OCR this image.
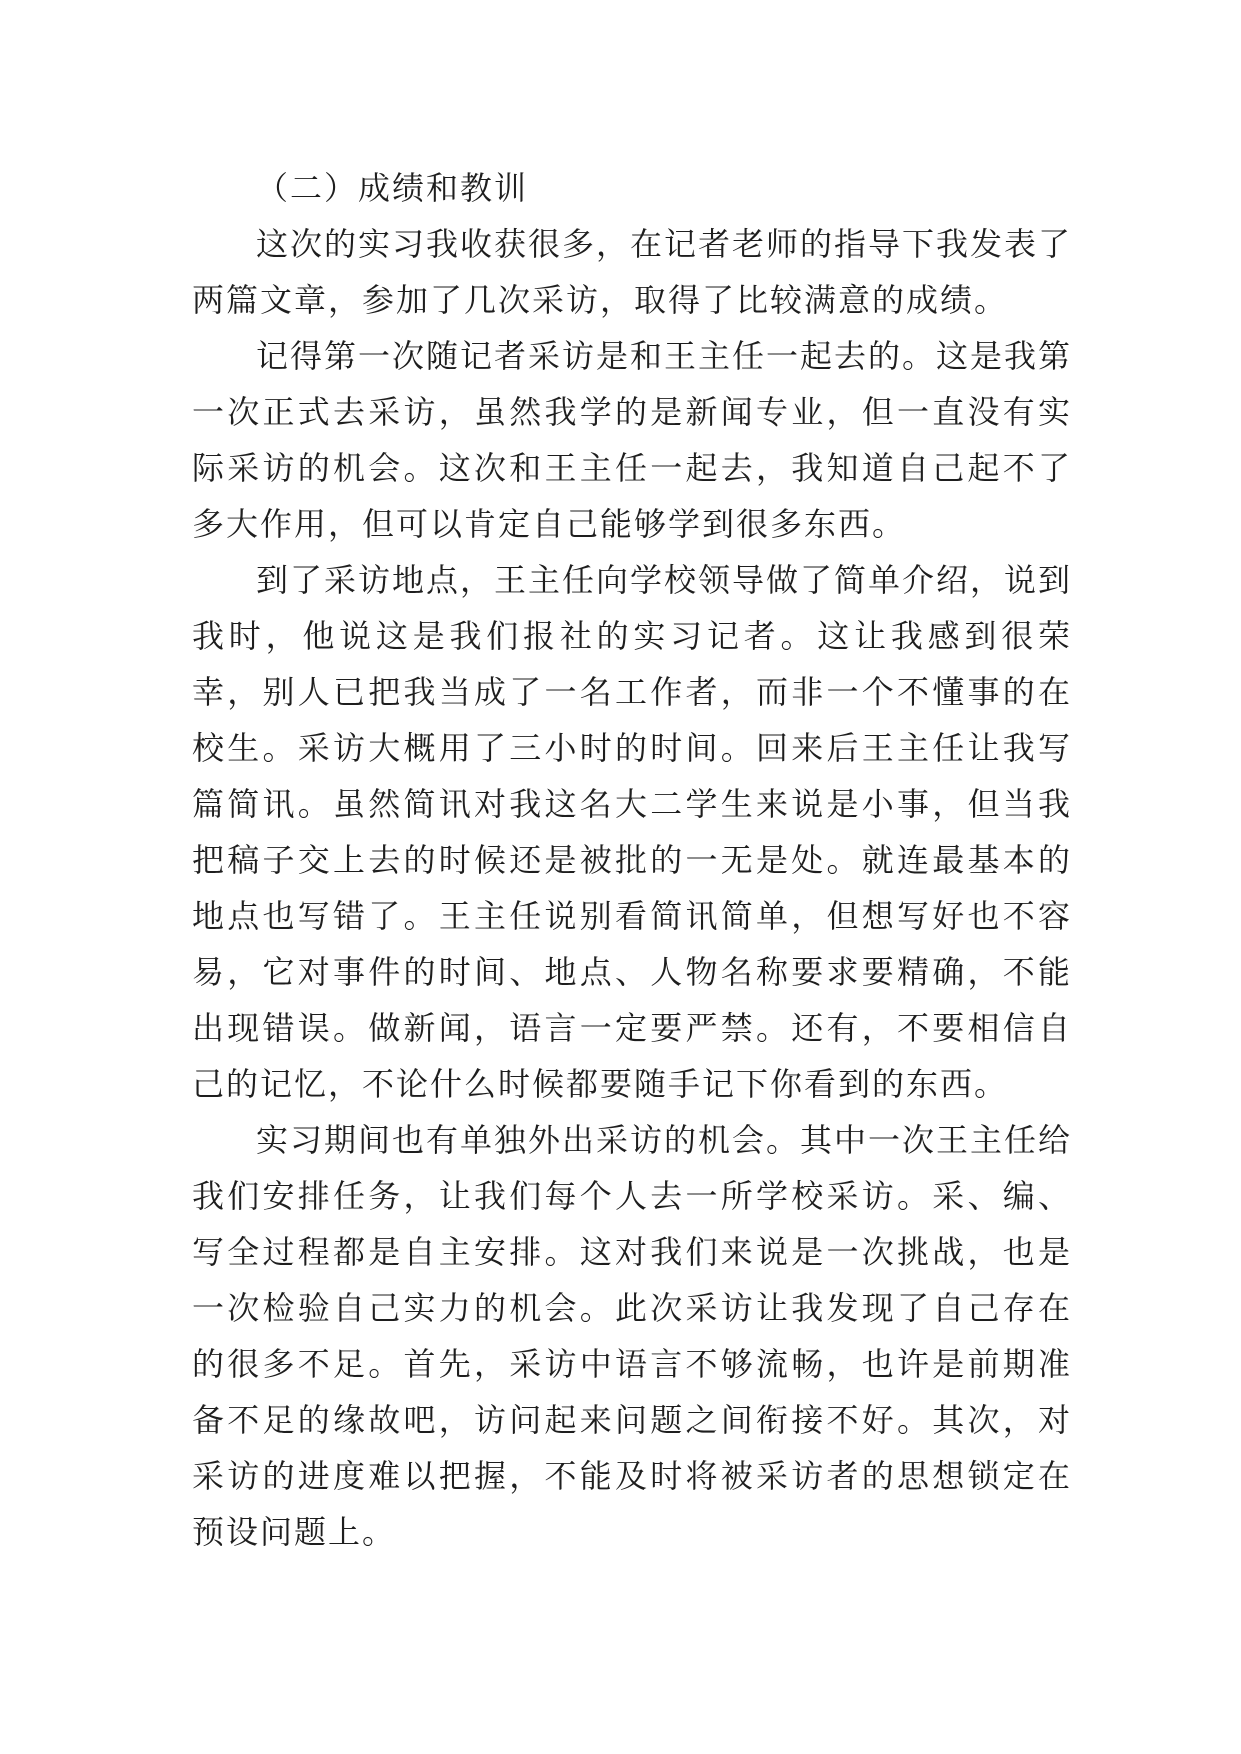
（二）成绩和教训

这次的实习我收获很多，在记者老师的指导下我发表了两篇文章，参加了几次采访，取得了比较满意的成绩。

记得第一次随记者采访是和王主任一起去的。这是我第一次正式去采访，虽然我学的是新闻专业，但一直没有实际采访的机会。这次和王主任一起去，我知道自己起不了多大作用，但可以肯定自己能够学到很多东西。

到了采访地点，王主任向学校领导做了简单介绍，说到我时，他说这是我们报社的实习记者。这让我感到很荣幸，别人已把我当成了一名工作者，而非一个不懂事的在校生。采访大概用了三小时的时间。回来后王主任让我写篇简讯。虽然简讯对我这名大二学生来说是小事，但当我把稿子交上去的时候还是被批的一无是处。就连最基本的地点也写错了。王主任说别看简讯简单，但想写好也不容易，它对事件的时间、地点、人物名称要求要精确，不能出现错误。做新闻，语言一定要严禁。还有，不要相信自己的记忆，不论什么时候都要随手记下你看到的东西。

实习期间也有单独外出采访的机会。其中一次王主任给我们安排任务，让我们每个人去一所学校采访。采、编、写全过程都是自主安排。这对我们来说是一次挑战，也是一次检验自己实力的机会。此次采访让我发现了自己存在的很多不足。首先，采访中语言不够流畅，也许是前期准备不足的缘故吧，访问起来问题之间衔接不好。其次，对采访的进度难以把握，不能及时将被采访者的思想锁定在预设问题上。
